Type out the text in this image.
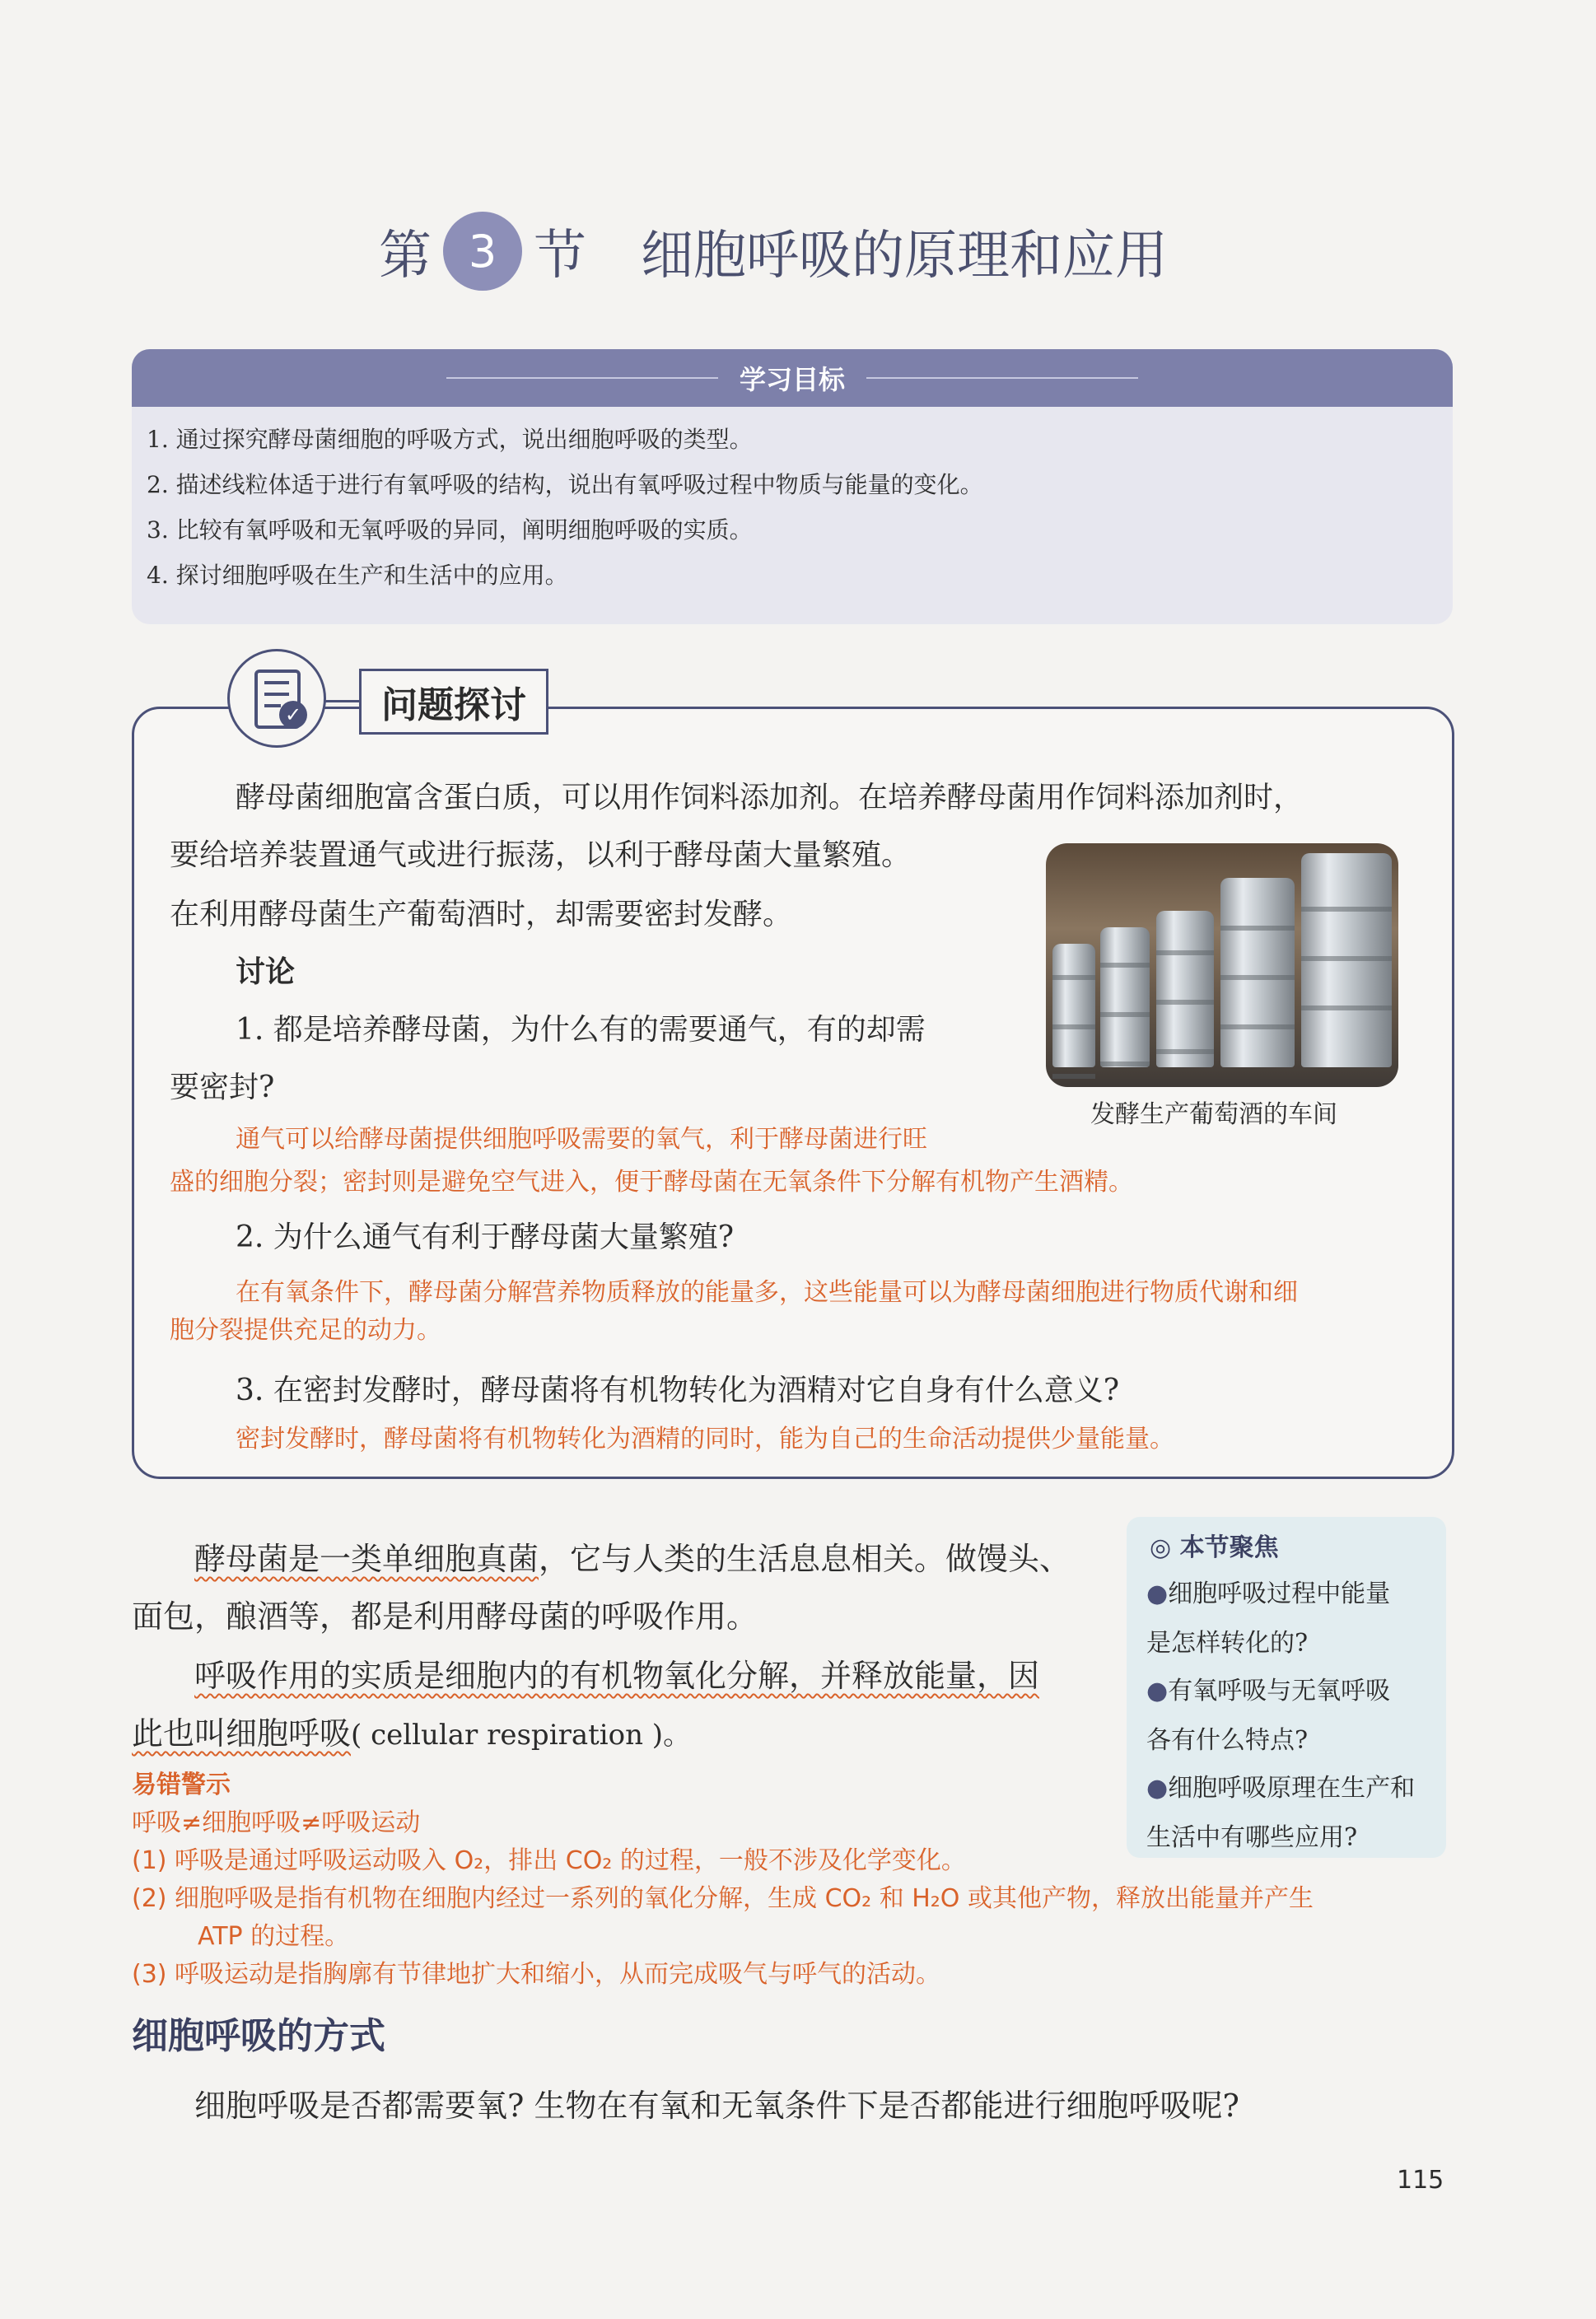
第 3 节 细胞呼吸的原理和应用
学习目标
1. 通过探究酵母菌细胞的呼吸方式，说出细胞呼吸的类型。
2. 描述线粒体适于进行有氧呼吸的结构，说出有氧呼吸过程中物质与能量的变化。
3. 比较有氧呼吸和无氧呼吸的异同，阐明细胞呼吸的实质。
4. 探讨细胞呼吸在生产和生活中的应用。
✓	问题探讨
酵母菌细胞富含蛋白质，可以用作饲料添加剂。在培养酵母菌用作饲料添加剂时，
要给培养装置通气或进行振荡，以利于酵母菌大量繁殖。
在利用酵母菌生产葡萄酒时，却需要密封发酵。
讨论
1. 都是培养酵母菌，为什么有的需要通气，有的却需
要密封?
通气可以给酵母菌提供细胞呼吸需要的氧气，利于酵母菌进行旺
盛的细胞分裂；密封则是避免空气进入，便于酵母菌在无氧条件下分解有机物产生酒精。
2. 为什么通气有利于酵母菌大量繁殖?
在有氧条件下，酵母菌分解营养物质释放的能量多，这些能量可以为酵母菌细胞进行物质代谢和细
胞分裂提供充足的动力。
3. 在密封发酵时，酵母菌将有机物转化为酒精对它自身有什么意义?
密封发酵时，酵母菌将有机物转化为酒精的同时，能为自己的生命活动提供少量能量。
发酵生产葡萄酒的车间
酵母菌是一类单细胞真菌，它与人类的生活息息相关。做馒头、
面包，酿酒等，都是利用酵母菌的呼吸作用。
呼吸作用的实质是细胞内的有机物氧化分解，并释放能量，因
此也叫细胞呼吸( cellular respiration )。
易错警示
呼吸≠细胞呼吸≠呼吸运动
(1) 呼吸是通过呼吸运动吸入 O₂，排出 CO₂ 的过程，一般不涉及化学变化。
(2) 细胞呼吸是指有机物在细胞内经过一系列的氧化分解，生成 CO₂ 和 H₂O 或其他产物，释放出能量并产生
ATP 的过程。
(3) 呼吸运动是指胸廓有节律地扩大和缩小，从而完成吸气与呼气的活动。
◎ 本节聚焦
●细胞呼吸过程中能量
是怎样转化的?
●有氧呼吸与无氧呼吸
各有什么特点?
●细胞呼吸原理在生产和
生活中有哪些应用?
细胞呼吸的方式
细胞呼吸是否都需要氧? 生物在有氧和无氧条件下是否都能进行细胞呼吸呢?
115
